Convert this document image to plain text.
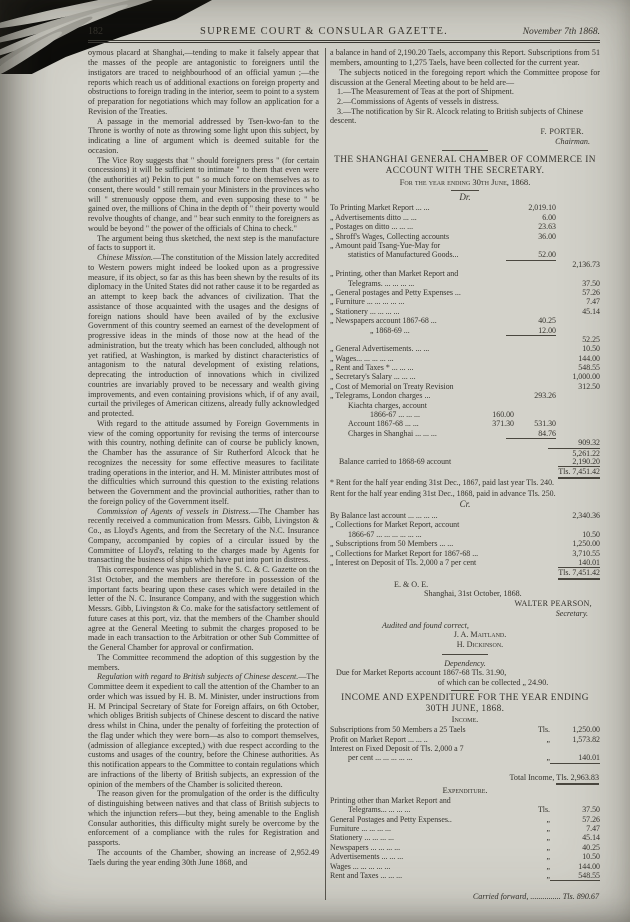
182	SUPREME COURT & CONSULAR GAZETTE.	November 7th 1868.

oymous placard at Shanghai,—tending to make it falsely appear that the masses of the people are antagonistic to foreigners until the instigators are traced to neighbourhood of an official yamun ;—the reports which reach us of additional exactions on foreign property and obstructions to foreign trading in the interior, seem to point to a system of preparation for negotiations which may follow an application for a Revision of the Treaties.

A passage in the memorial addressed by Tsen-kwo-fan to the Throne is worthy of note as throwing some light upon this subject, by indicating a line of argument which is deemed suitable for the occasion.

The Vice Roy suggests that " should foreigners press " (for certain concessions) it will be sufficient to intimate " to them that even were (the authorities at) Pekin to put " so much force on themselves as to consent, there would " still remain your Ministers in the provinces who will " strenuously oppose them, and even supposing these to " be gained over, the millions of China in the depth of " their poverty would revolve thoughts of change, and " bear such enmity to the foreigners as would be beyond " the power of the officials of China to check."

The argument being thus sketched, the next step is the manufacture of facts to support it.

Chinese Mission.—The constitution of the Mission lately accredited to Western powers might indeed be looked upon as a progressive measure, if its object, so far as this has been shewn by the results of its diplomacy in the United States did not rather cause it to be regarded as an attempt to keep back the advances of civilization. That the assistance of those acquainted with the usages and the designs of foreign nations should have been availed of by the exclusive Government of this country seemed an earnest of the development of progressive ideas in the minds of those now at the head of the administration, but the treaty which has been concluded, although not yet ratified, at Washington, is marked by distinct characteristics of antagonism to the natural development of existing relations, deprecating the introduction of innovations which in civilized countries are invariably proved to be necessary and wealth giving improvements, and even containing provisions which, if of any avail, curtail the privileges of American citizens, already fully acknowledged and protected.

With regard to the attitude assumed by Foreign Governments in view of the coming opportunity for revising the terms of intercourse with this country, nothing definite can of course be publicly known, the Chamber has the assurance of Sir Rutherford Alcock that he recognizes the necessity for some effective measures to facilitate trading operations in the interior, and H. M. Minister attributes most of the difficulties which surround this question to the existing relations between the Government and the provincial authorities, rather than to the foreign policy of the Government itself.

Commission of Agents of vessels in Distress.—The Chamber has recently received a communication from Messrs. Gibb, Livingston & Co., as Lloyd's Agents, and from the Secretary of the N.C. Insurance Company, accompanied by copies of a circular issued by the Committee of Lloyd's, relating to the charges made by Agents for transacting the business of ships which have put into port in distress.

This correspondence was published in the S. C. & C. Gazette on the 31st October, and the members are therefore in possession of the important facts bearing upon these cases which were detailed in the letter of the N. C. Insurance Company, and with the suggestion which Messrs. Gibb, Livingston & Co. make for the satisfactory settlement of future cases at this port, viz. that the members of the Chamber should agree at the General Meeting to submit the charges proposed to be made in each transaction to the Arbitration or other Sub Committee of the General Chamber for approval or confirmation.

The Committee recommend the adoption of this suggestion by the members.

Regulation with regard to British subjects of Chinese descent.—The Committee deem it expedient to call the attention of the Chamber to an order which was issued by H. B. M. Minister, under instructions from H. M Principal Secretary of State for Foreign affairs, on 6th October, which obliges British subjects of Chinese descent to discard the native dress whilst in China, under the penalty of forfeiting the protection of the flag under which they were born—as also to comport themselves, (admission of allegiance excepted,) with due respect according to the customs and usages of the country, before the Chinese authorities. As this notification appears to the Committee to contain regulations which are infractions of the liberty of British subjects, an expression of the opinion of the members of the Chamber is solicited thereon.

The reason given for the promulgation of the order is the difficulty of distinguishing between natives and that class of British subjects to which the injunction refers—but they, being amenable to the English Consular authorities, this difficulty might surely be overcome by the enforcement of a compliance with the rules for Registration and passports.

The accounts of the Chamber, showing an increase of 2,952.49 Taels during the year ending 30th June 1868, and

a balance in hand of 2,190.20 Taels, accompany this Report. Subscriptions from 51 members, amounting to 1,275 Taels, have been collected for the current year.

The subjects noticed in the foregoing report which the Committee propose for discussion at the General Meeting about to be held are—

1.—The Measurement of Teas at the port of Shipment.

2.—Commissions of Agents of vessels in distress.

3.—The notification by Sir R. Alcock relating to British subjects of Chinese descent.

F. PORTER.

Chairman.

THE SHANGHAI GENERAL CHAMBER OF COMMERCE IN ACCOUNT WITH THE SECRETARY.
For the year ending 30th June, 1868.
Dr.
To Printing Market Report ... ...	2,019.10
„ Advertisements ditto ... ...	6.00
„ Postages on ditto ... ... ...	23.63
„ Shroff's Wages, Collecting accounts	36.00
„ Amount paid Tsang-Yue-May for
statistics of Manufactured Goods...	52.00
2,136.73
„ Printing, other than Market Report and
Telegrams. ... ... ... ...	37.50
„ General postages and Petty Expenses ...	57.26
„ Furniture ... ... ... ... ...	7.47
„ Stationery ... ... ... ...	45.14
„ Newspapers account 1867-68 ...	40.25
„ 1868-69 ...	12.00
52.25
„ General Advertisements. ... ...	10.50
„ Wages... ... ... ... ...	144.00
„ Rent and Taxes * ... ... ...	548.55
„ Secretary's Salary ... ... ...	1,000.00
„ Cost of Memorial on Treaty Revision	312.50
„ Telegrams, London charges ...	293.26
Kiachta charges, account
1866-67 ... ... ...	160.00
Account 1867-68 ... ...	371.30	531.30
Charges in Shanghai ... ... ...	84.76
909.32
5,261.22
Balance carried to 1868-69 account	2,190.20
Tls. 7,451.42

* Rent for the half year ending 31st Dec., 1867, paid last year Tls. 240.

Rent for the half year ending 31st Dec., 1868, paid in advance Tls. 250.

Cr.
By Balance last account ... ... ... ...	2,340.36
„ Collections for Market Report, account
1866-67 ... ... ... ... ... ...	10.50
„ Subscriptions from 50 Members ... ...	1,250.00
„ Collections for Market Report for 1867-68 ...	3,710.55
„ Interest on Deposit of Tls. 2,000 a 7 per cent	140.01
Tls. 7,451.42

E. & O. E.

Shanghai, 31st October, 1868.

WALTER PEARSON,

Secretary.

Audited and found correct,

J. A. Maitland.

H. Dickinson.

Dependency.

Due for Market Reports account 1867-68 Tls. 31.90,

of which can be collected „ 24.90.

INCOME AND EXPENDITURE FOR THE YEAR ENDING 30TH JUNE, 1868.
Income.
Subscriptions from 50 Members a 25 Taels	Tls.	1,250.00
Profit on Market Report ... ... ..	„	1,573.82
Interest on Fixed Deposit of Tls. 2,000 a 7
per cent ... ... ... ... ...	„	140.01
Total Income, Tls. 2,963.83
Expenditure.
Printing other than Market Report and
Telegrams... ... ... ...	Tls.	37.50
General Postages and Petty Expenses..	„	57.26
Furniture ... ... ... ...	„	7.47
Stationery ... ... ... ...	„	45.14
Newspapers ... ... ... ...	„	40.25
Advertisements ... ... ...	„	10.50
Wages ... ... ... ... ...	„	144.00
Rent and Taxes ... ... ...	„	548.55
Carried forward, ............... Tls. 890.67
